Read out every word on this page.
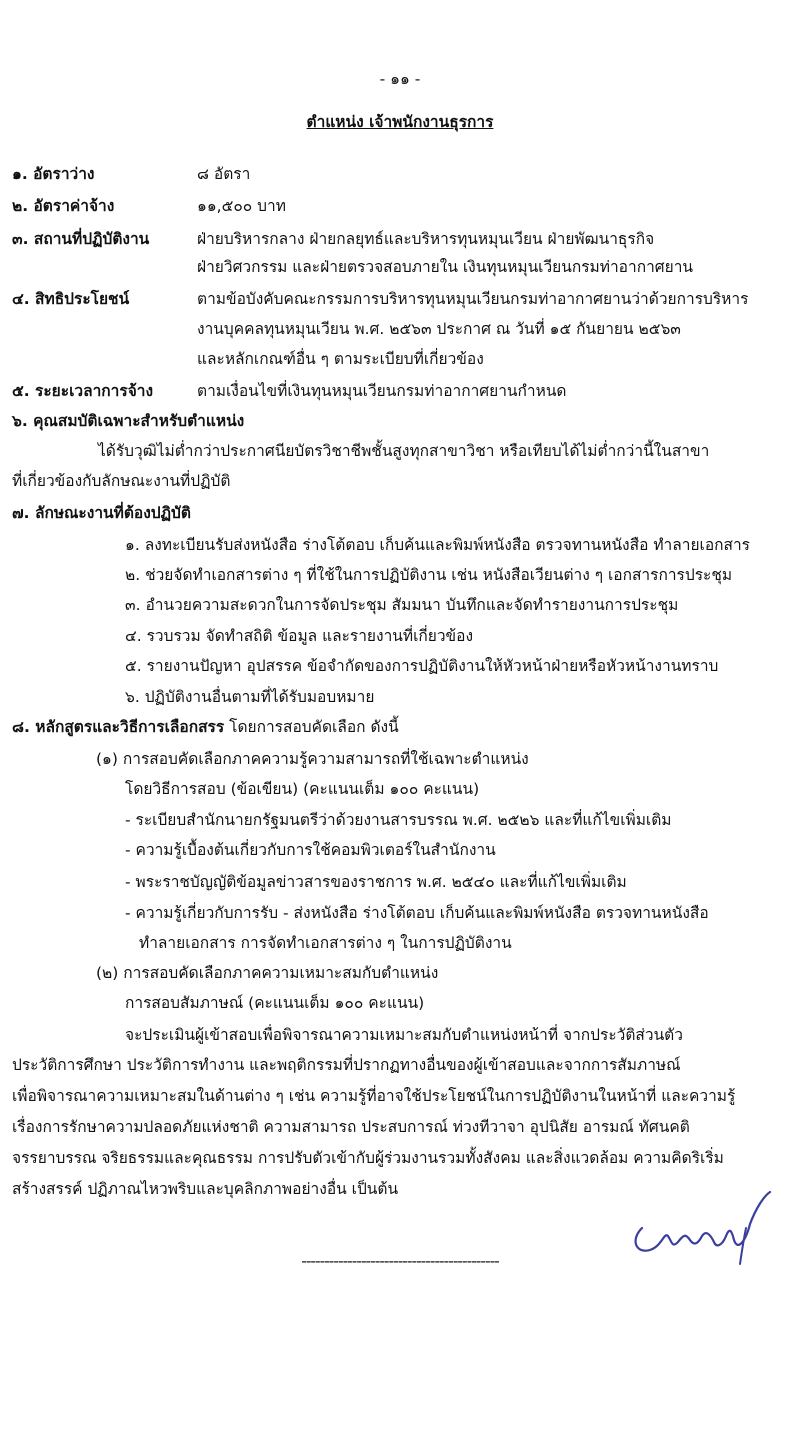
- ๑๑ -
ตำแหน่ง เจ้าพนักงานธุรการ
๑. อัตราว่าง	๘ อัตรา
๒. อัตราค่าจ้าง	๑๑,๕๐๐ บาท
๓. สถานที่ปฏิบัติงาน	ฝ่ายบริหารกลาง ฝ่ายกลยุทธ์และบริหารทุนหมุนเวียน ฝ่ายพัฒนาธุรกิจ
ฝ่ายวิศวกรรม และฝ่ายตรวจสอบภายใน เงินทุนหมุนเวียนกรมท่าอากาศยาน
๔. สิทธิประโยชน์	ตามข้อบังคับคณะกรรมการบริหารทุนหมุนเวียนกรมท่าอากาศยานว่าด้วยการบริหาร
งานบุคคลทุนหมุนเวียน พ.ศ. ๒๕๖๓ ประกาศ ณ วันที่ ๑๕ กันยายน ๒๕๖๓
และหลักเกณฑ์อื่น ๆ ตามระเบียบที่เกี่ยวข้อง
๕. ระยะเวลาการจ้าง	ตามเงื่อนไขที่เงินทุนหมุนเวียนกรมท่าอากาศยานกำหนด
๖. คุณสมบัติเฉพาะสำหรับตำแหน่ง
ได้รับวุฒิไม่ต่ำกว่าประกาศนียบัตรวิชาชีพชั้นสูงทุกสาขาวิชา หรือเทียบได้ไม่ต่ำกว่านี้ในสาขา
ที่เกี่ยวข้องกับลักษณะงานที่ปฏิบัติ
๗. ลักษณะงานที่ต้องปฏิบัติ
๑. ลงทะเบียนรับส่งหนังสือ ร่างโต้ตอบ เก็บค้นและพิมพ์หนังสือ ตรวจทานหนังสือ ทำลายเอกสาร
๒. ช่วยจัดทำเอกสารต่าง ๆ ที่ใช้ในการปฏิบัติงาน เช่น หนังสือเวียนต่าง ๆ เอกสารการประชุม
๓. อำนวยความสะดวกในการจัดประชุม สัมมนา บันทึกและจัดทำรายงานการประชุม
๔. รวบรวม จัดทำสถิติ ข้อมูล และรายงานที่เกี่ยวข้อง
๕. รายงานปัญหา อุปสรรค ข้อจำกัดของการปฏิบัติงานให้หัวหน้าฝ่ายหรือหัวหน้างานทราบ
๖. ปฏิบัติงานอื่นตามที่ได้รับมอบหมาย
๘. หลักสูตรและวิธีการเลือกสรร โดยการสอบคัดเลือก ดังนี้
(๑) การสอบคัดเลือกภาคความรู้ความสามารถที่ใช้เฉพาะตำแหน่ง
โดยวิธีการสอบ (ข้อเขียน) (คะแนนเต็ม ๑๐๐ คะแนน)
- ระเบียบสำนักนายกรัฐมนตรีว่าด้วยงานสารบรรณ พ.ศ. ๒๕๒๖ และที่แก้ไขเพิ่มเติม
- ความรู้เบื้องต้นเกี่ยวกับการใช้คอมพิวเตอร์ในสำนักงาน
- พระราชบัญญัติข้อมูลข่าวสารของราชการ พ.ศ. ๒๕๔๐ และที่แก้ไขเพิ่มเติม
- ความรู้เกี่ยวกับการรับ - ส่งหนังสือ ร่างโต้ตอบ เก็บค้นและพิมพ์หนังสือ ตรวจทานหนังสือ
ทำลายเอกสาร การจัดทำเอกสารต่าง ๆ ในการปฏิบัติงาน
(๒) การสอบคัดเลือกภาคความเหมาะสมกับตำแหน่ง
การสอบสัมภาษณ์ (คะแนนเต็ม ๑๐๐ คะแนน)
จะประเมินผู้เข้าสอบเพื่อพิจารณาความเหมาะสมกับตำแหน่งหน้าที่ จากประวัติส่วนตัว
ประวัติการศึกษา ประวัติการทำงาน และพฤติกรรมที่ปรากฏทางอื่นของผู้เข้าสอบและจากการสัมภาษณ์
เพื่อพิจารณาความเหมาะสมในด้านต่าง ๆ เช่น ความรู้ที่อาจใช้ประโยชน์ในการปฏิบัติงานในหน้าที่ และความรู้
เรื่องการรักษาความปลอดภัยแห่งชาติ ความสามารถ ประสบการณ์ ท่วงทีวาจา อุปนิสัย อารมณ์ ทัศนคติ
จรรยาบรรณ จริยธรรมและคุณธรรม การปรับตัวเข้ากับผู้ร่วมงานรวมทั้งสังคม และสิ่งแวดล้อม ความคิดริเริ่ม
สร้างสรรค์ ปฏิภาณไหวพริบและบุคลิกภาพอย่างอื่น เป็นต้น
-------------------------------------------
